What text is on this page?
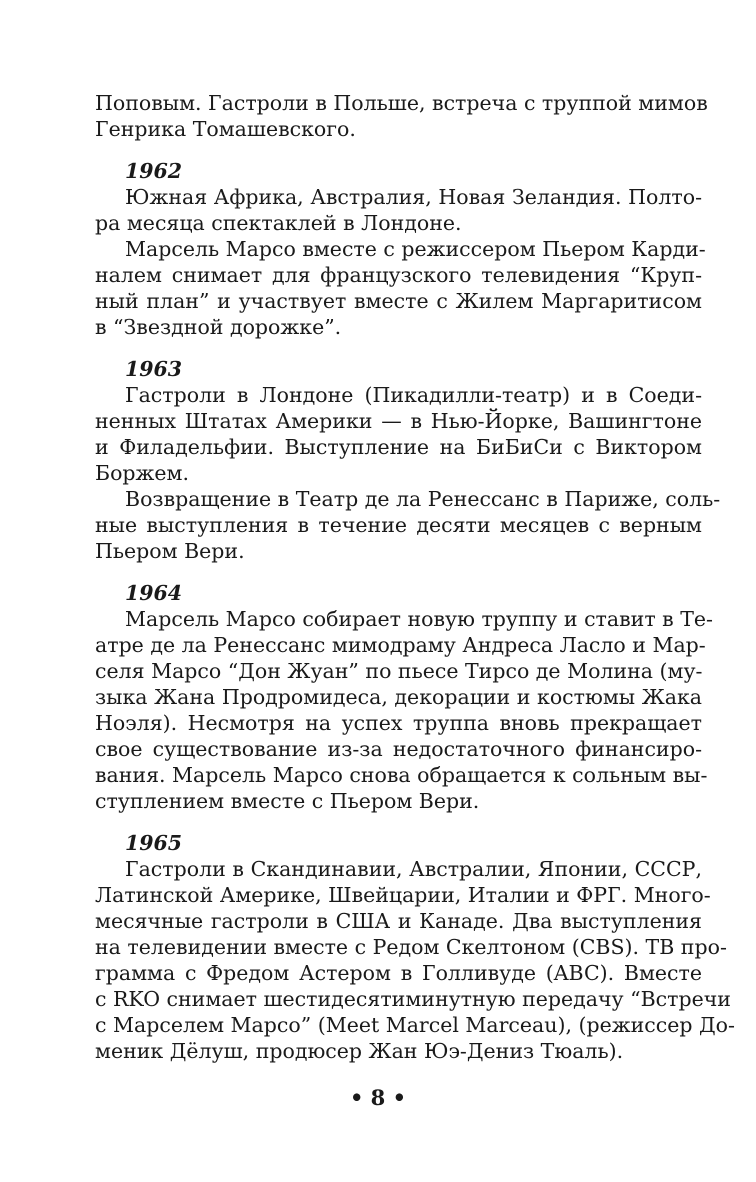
Поповым. Гастроли в Польше, встреча с труппой мимов
Генрика Томашевского.
1962
Южная Африка, Австралия, Новая Зеландия. Полто-
ра месяца спектаклей в Лондоне.
Марсель Марсо вместе с режиссером Пьером Карди-
налем снимает для французского телевидения “Круп-
ный план” и участвует вместе с Жилем Маргаритисом
в “Звездной дорожке”.
1963
Гастроли в Лондоне (Пикадилли-театр) и в Соеди-
ненных Штатах Америки — в Нью-Йорке, Вашингтоне
и Филадельфии. Выступление на БиБиСи с Виктором
Боржем.
Возвращение в Театр де ла Ренессанс в Париже, соль-
ные выступления в течение десяти месяцев с верным
Пьером Вери.
1964
Марсель Марсо собирает новую труппу и ставит в Те-
атре де ла Ренессанс мимодраму Андреса Ласло и Мар-
селя Марсо “Дон Жуан” по пьесе Тирсо де Молина (му-
зыка Жана Продромидеса, декорации и костюмы Жака
Ноэля). Несмотря на успех труппа вновь прекращает
свое существование из-за недостаточного финансиро-
вания. Марсель Марсо снова обращается к сольным вы-
ступлением вместе с Пьером Вери.
1965
Гастроли в Скандинавии, Австралии, Японии, СССР,
Латинской Америке, Швейцарии, Италии и ФРГ. Много-
месячные гастроли в США и Канаде. Два выступления
на телевидении вместе с Редом Скелтоном (CBS). ТВ про-
грамма с Фредом Астером в Голливуде (ABC). Вместе
с RKO снимает шестидесятиминутную передачу “Встречи
с Марселем Марсо” (Meet Marcel Marceau), (режиссер До-
меник Дёлуш, продюсер Жан Юэ-Дениз Тюаль).
• 8 •
